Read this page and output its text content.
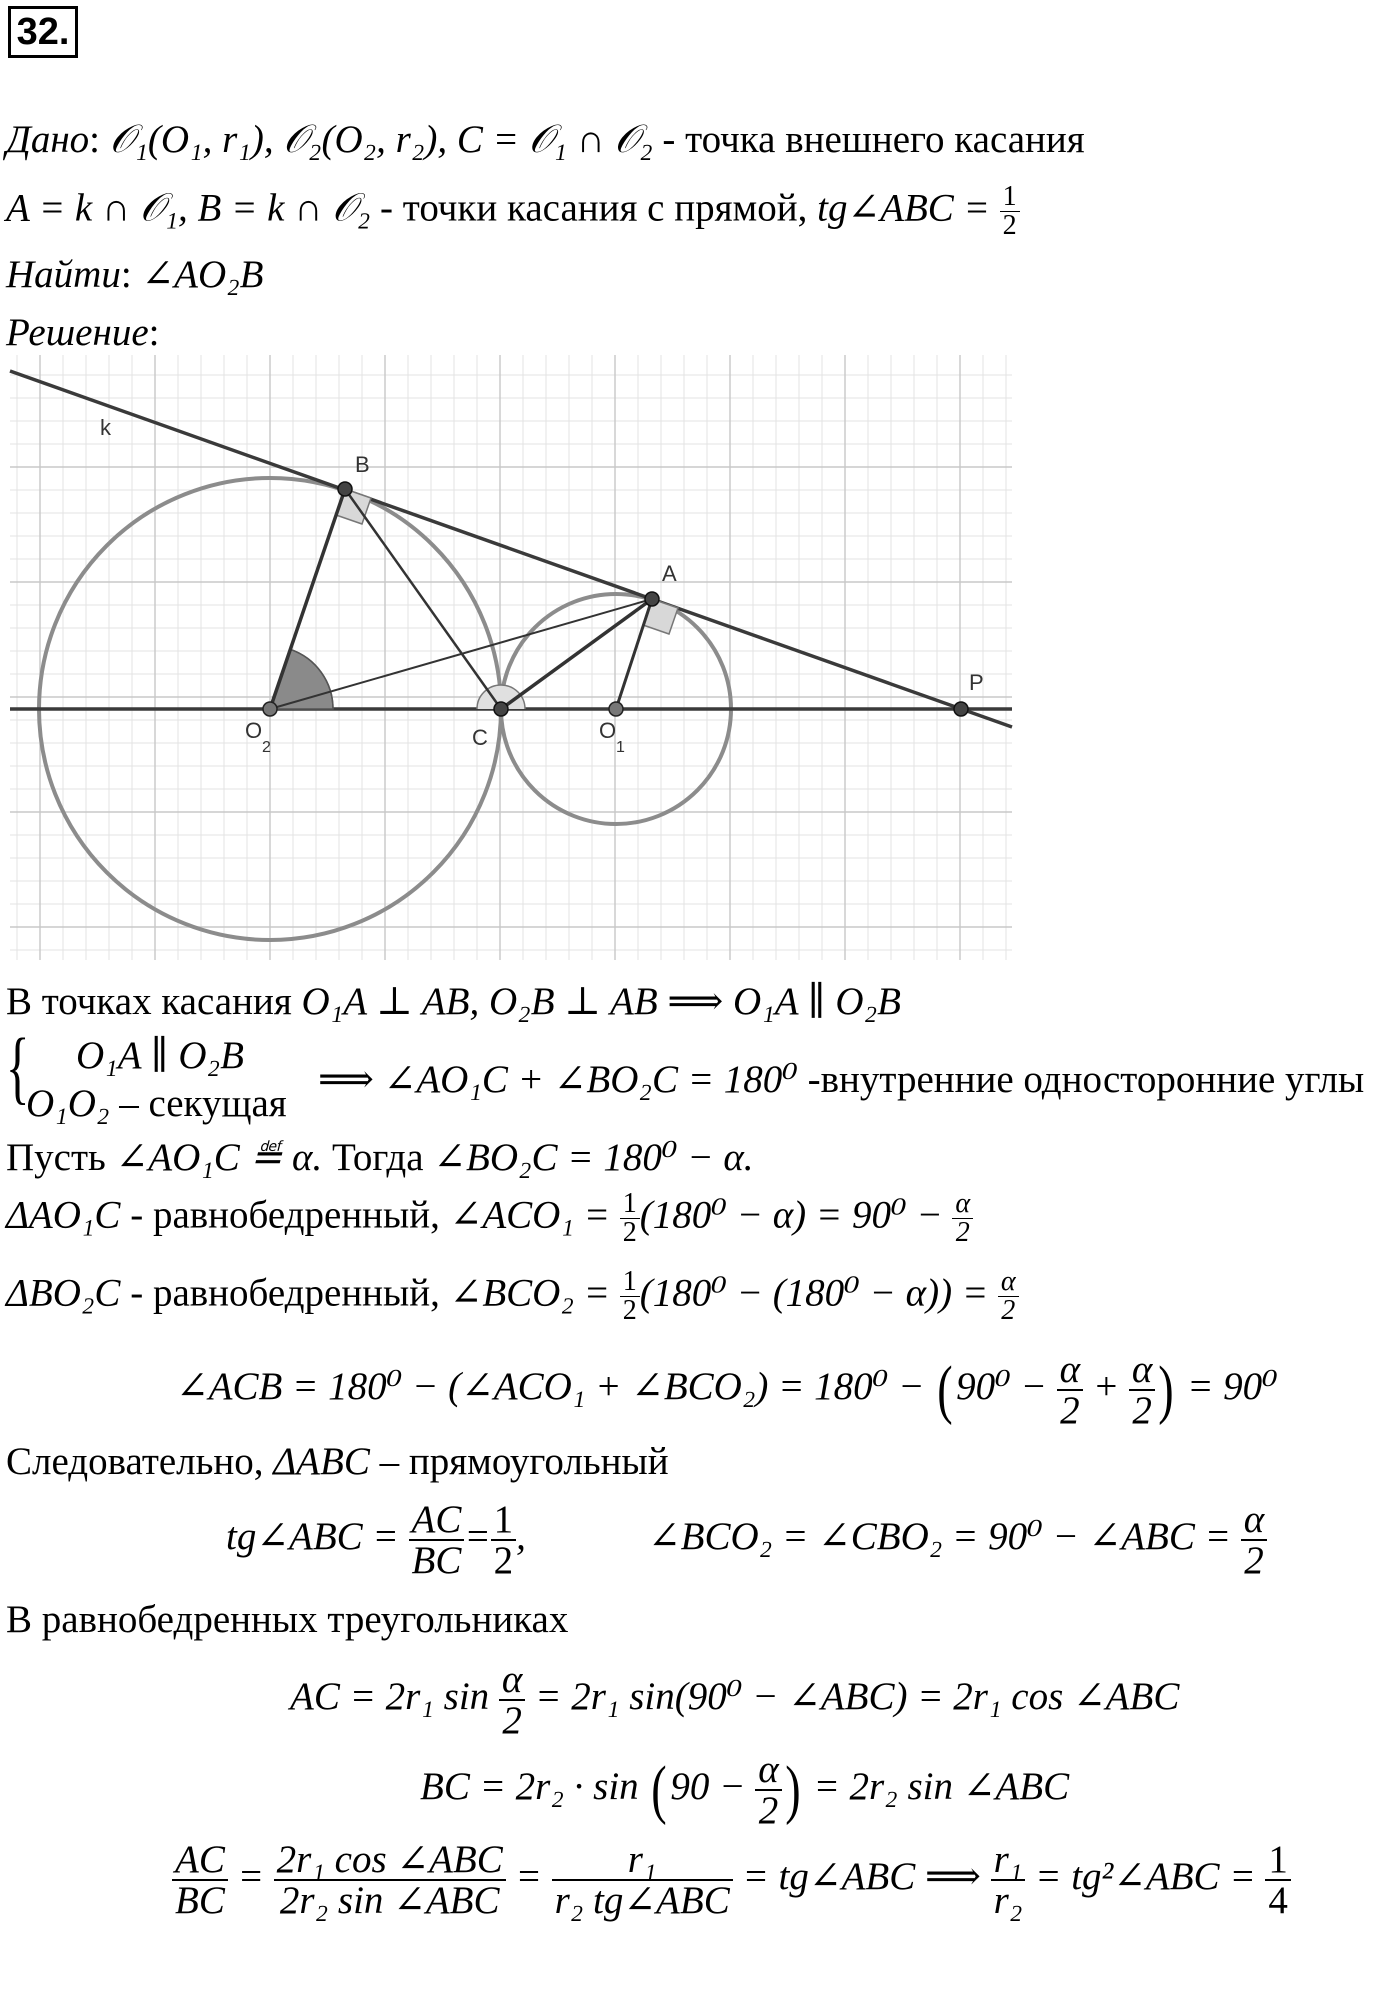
32.
Дано: 𝒪₁(O₁, r₁), 𝒪₂(O₂, r₂), C = 𝒪₁ ∩ 𝒪₂ - точка внешнего касания
A = k ∩ 𝒪₁, B = k ∩ 𝒪₂ - точки касания с прямой, tg∠ABC = $\frac{1}{2}$
Найти: ∠AO₂B
Решение:
k
B
A
P
C
O
2
O
1
В точках касания O₁A ⊥ AB, O₂B ⊥ AB ⟹ O₁A ∥ O₂B
{ O₁A ∥ O₂B
O₁O₂ – секущая
⟹ ∠AO₁C + ∠BO₂C = 180⁰ -внутренние односторонние углы
Пусть ∠AO₁C ≝ α. Тогда ∠BO₂C = 180⁰ − α.
ΔAO₁C - равнобедренный, ∠ACO₁ = $\frac{1}{2} (180^0 - \alpha) = 90^0 - \frac{\alpha}{2}$
ΔBO₂C - равнобедренный, ∠BCO₂ = $\frac{1}{2} (180^0 - (180^0 - \alpha)) = \frac{\alpha}{2}$
∠ACB = 180⁰ − (∠ACO₁ + ∠BCO₂) = $180^0 - (90^0 - \frac{\alpha}{2} + \frac{\alpha}{2}$ ) = 90⁰
Следовательно, ΔABC – прямоугольный
tg∠ABC = $\frac{AC}{BC} = \frac{1}{2}$ ,	∠BCO₂ = ∠CBO₂ = 90⁰ − ∠ABC = $\frac{\alpha}{2}$
В равнобедренных треугольниках
AC = 2r₁ $\sin \frac{\alpha}{2} = 2r_1$ sin(90⁰ − ∠ABC) = 2r₁ cos ∠ABC
BC = $2r_2 \cdot \sin (90 - \frac{\alpha}{2}$ ) = 2r₂ sin ∠ABC
$\frac{AC}{BC} = \frac{\text{2r₁ cos ∠ABC}}{\text{2r₂ sin ∠ABC}} = \frac{\text{r₁}}{\text{r₂ tg∠ABC}}$ = tg∠ABC ⟹ $\frac{\text{r₁}}{\text{r₂}}$ = tg²∠ABC = $\frac{1}{4}$
